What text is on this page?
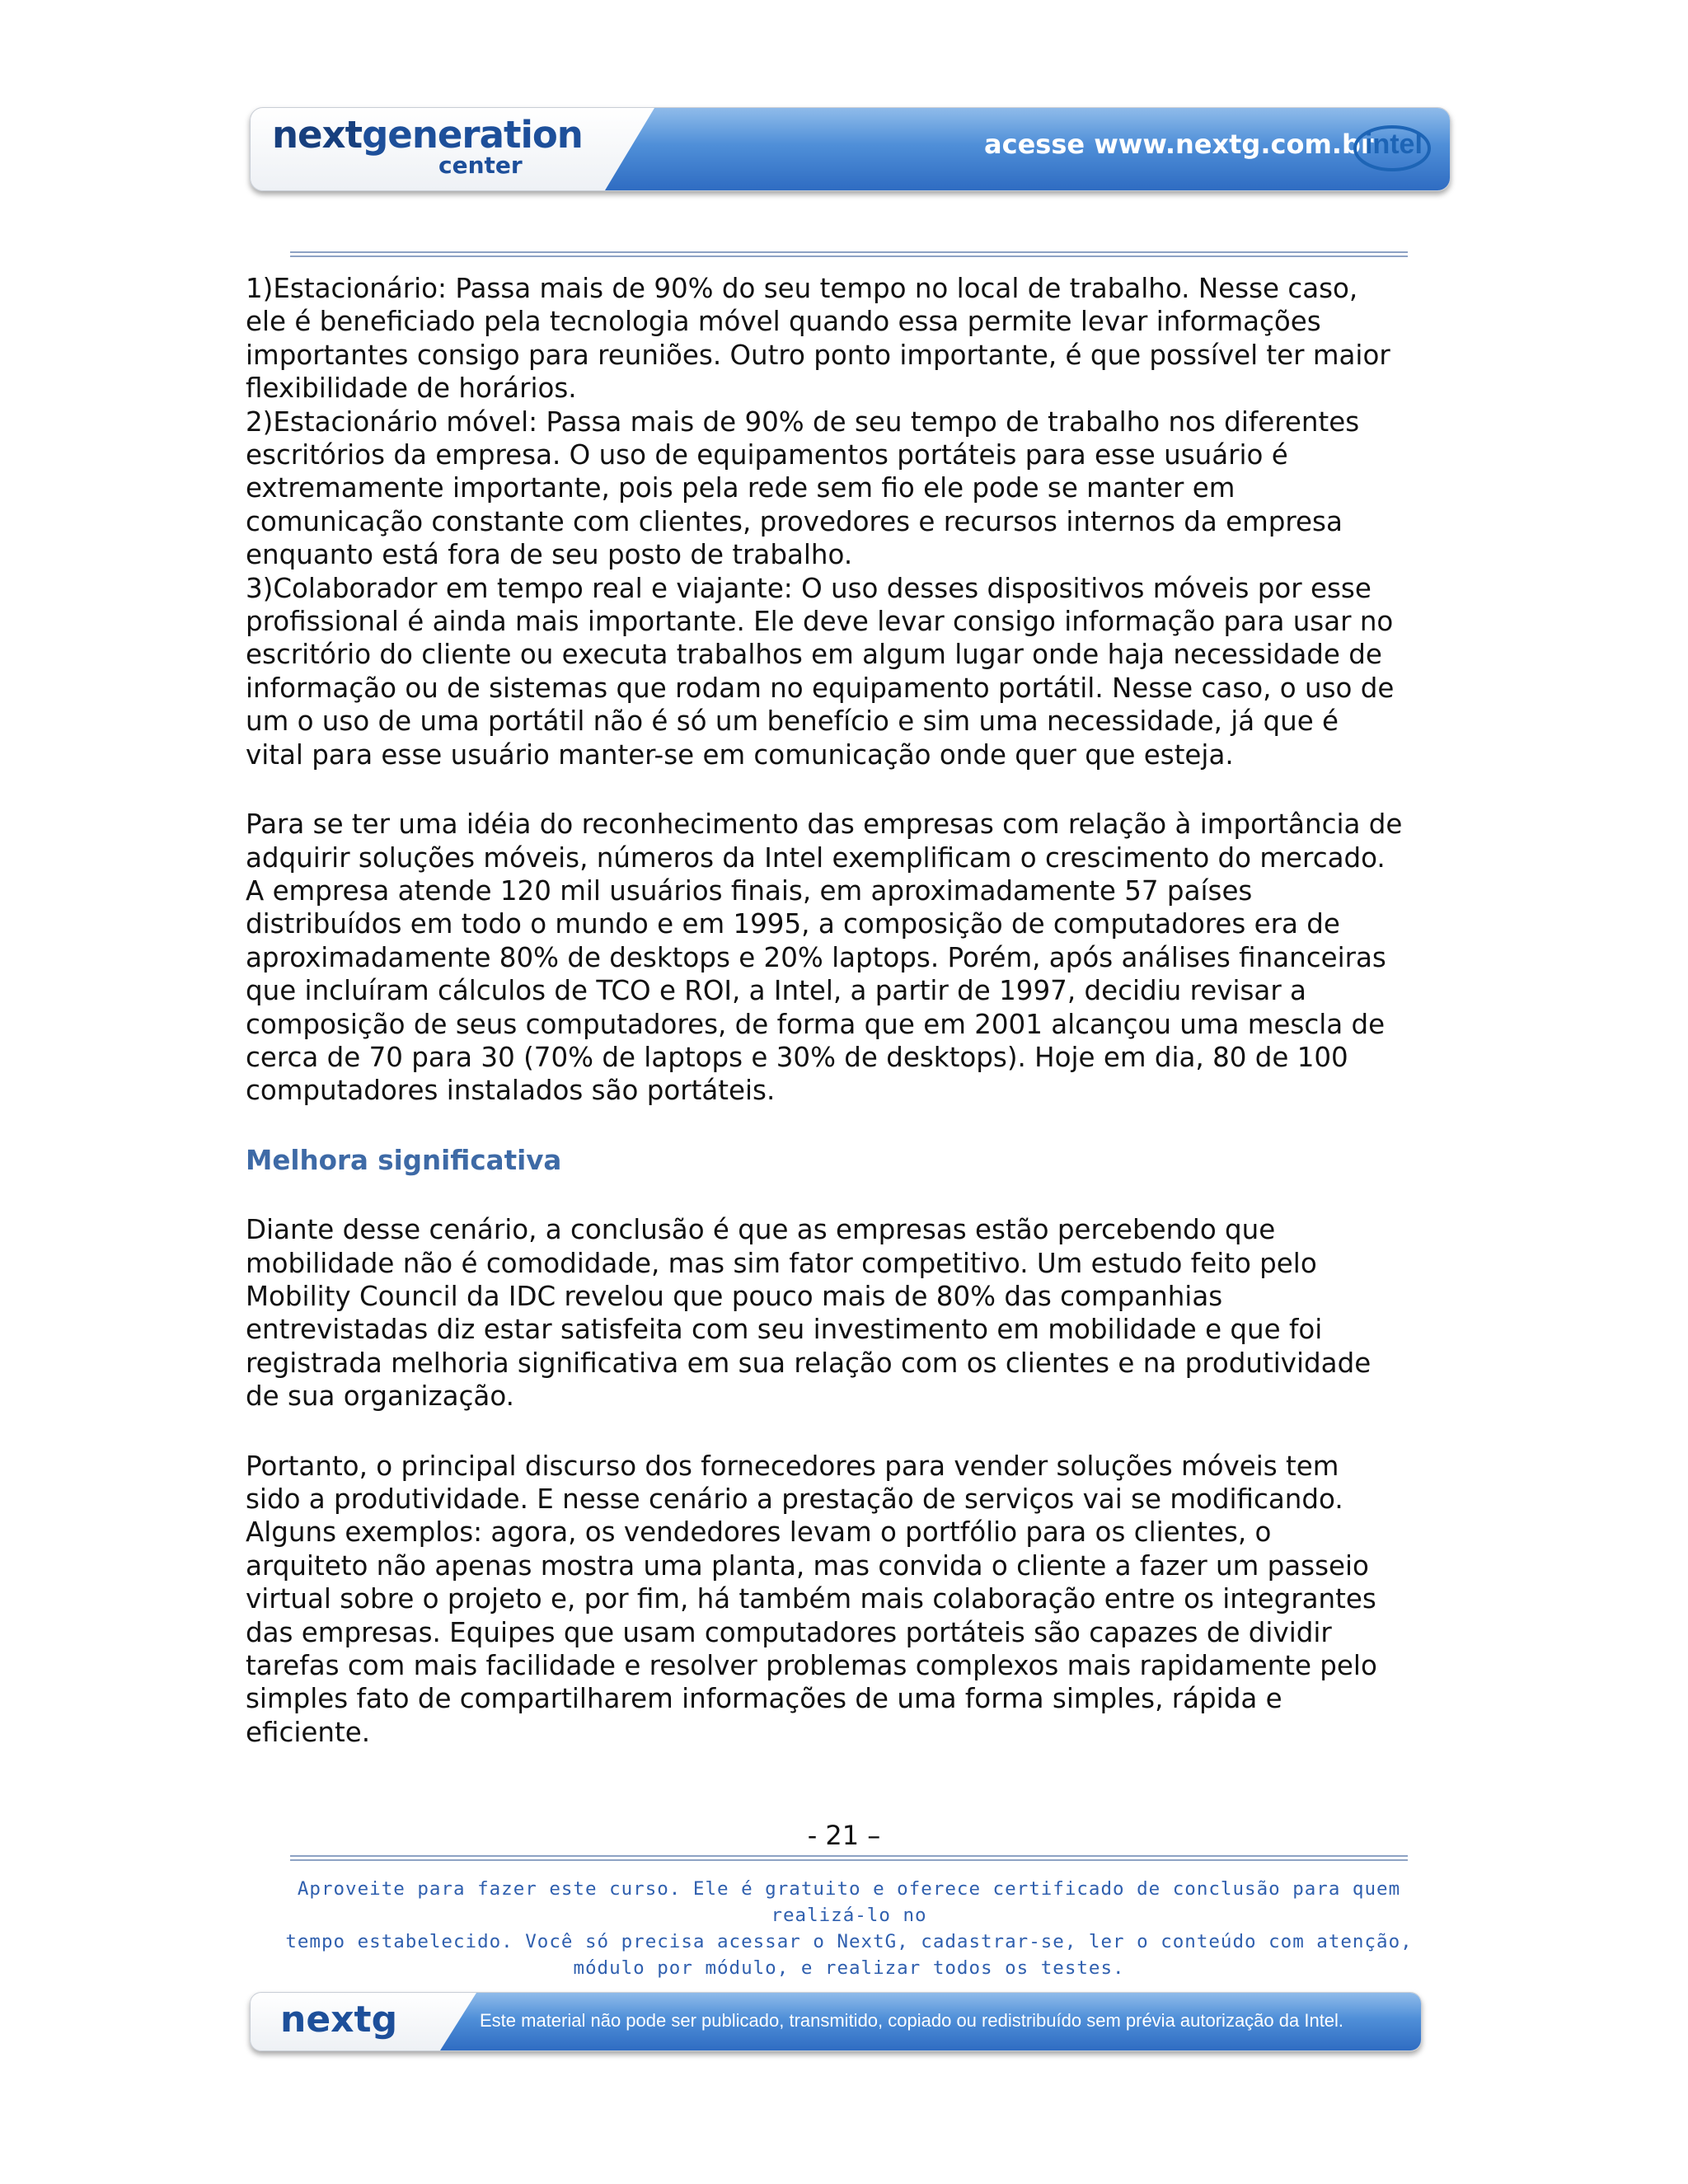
nextgeneration
center
acesse www.nextg.com.br
intel

1)Estacionário: Passa mais de 90% do seu tempo no local de trabalho. Nesse caso,

ele é beneficiado pela tecnologia móvel quando essa permite levar informações

importantes consigo para reuniões. Outro ponto importante, é que possível ter maior

flexibilidade de horários.

2)Estacionário móvel: Passa mais de 90% de seu tempo de trabalho nos diferentes

escritórios da empresa. O uso de equipamentos portáteis para esse usuário é

extremamente importante, pois pela rede sem fio ele pode se manter em

comunicação constante com clientes, provedores e recursos internos da empresa

enquanto está fora de seu posto de trabalho.

3)Colaborador em tempo real e viajante: O uso desses dispositivos móveis por esse

profissional é ainda mais importante. Ele deve levar consigo informação para usar no

escritório do cliente ou executa trabalhos em algum lugar onde haja necessidade de

informação ou de sistemas que rodam no equipamento portátil. Nesse caso, o uso de

um o uso de uma portátil não é só um benefício e sim uma necessidade, já que é

vital para esse usuário manter-se em comunicação onde quer que esteja.

Para se ter uma idéia do reconhecimento das empresas com relação à importância de

adquirir soluções móveis, números da Intel exemplificam o crescimento do mercado.

A empresa atende 120 mil usuários finais, em aproximadamente 57 países

distribuídos em todo o mundo e em 1995, a composição de computadores era de

aproximadamente 80% de desktops e 20% laptops. Porém, após análises financeiras

que incluíram cálculos de TCO e ROI, a Intel, a partir de 1997, decidiu revisar a

composição de seus computadores, de forma que em 2001 alcançou uma mescla de

cerca de 70 para 30 (70% de laptops e 30% de desktops). Hoje em dia, 80 de 100

computadores instalados são portáteis.

Melhora significativa

Diante desse cenário, a conclusão é que as empresas estão percebendo que

mobilidade não é comodidade, mas sim fator competitivo. Um estudo feito pelo

Mobility Council da IDC revelou que pouco mais de 80% das companhias

entrevistadas diz estar satisfeita com seu investimento em mobilidade e que foi

registrada melhoria significativa em sua relação com os clientes e na produtividade

de sua organização.

Portanto, o principal discurso dos fornecedores para vender soluções móveis tem

sido a produtividade. E nesse cenário a prestação de serviços vai se modificando.

Alguns exemplos: agora, os vendedores levam o portfólio para os clientes, o

arquiteto não apenas mostra uma planta, mas convida o cliente a fazer um passeio

virtual sobre o projeto e, por fim, há também mais colaboração entre os integrantes

das empresas. Equipes que usam computadores portáteis são capazes de dividir

tarefas com mais facilidade e resolver problemas complexos mais rapidamente pelo

simples fato de compartilharem informações de uma forma simples, rápida e

eficiente.

- 21 –
Aproveite para fazer este curso. Ele é gratuito e oferece certificado de conclusão para quem realizá-lo no
tempo estabelecido. Você só precisa acessar o NextG, cadastrar-se, ler o conteúdo com atenção,
módulo por módulo, e realizar todos os testes.
nextg	Este material não pode ser publicado, transmitido, copiado ou redistribuído sem prévia autorização da Intel.
